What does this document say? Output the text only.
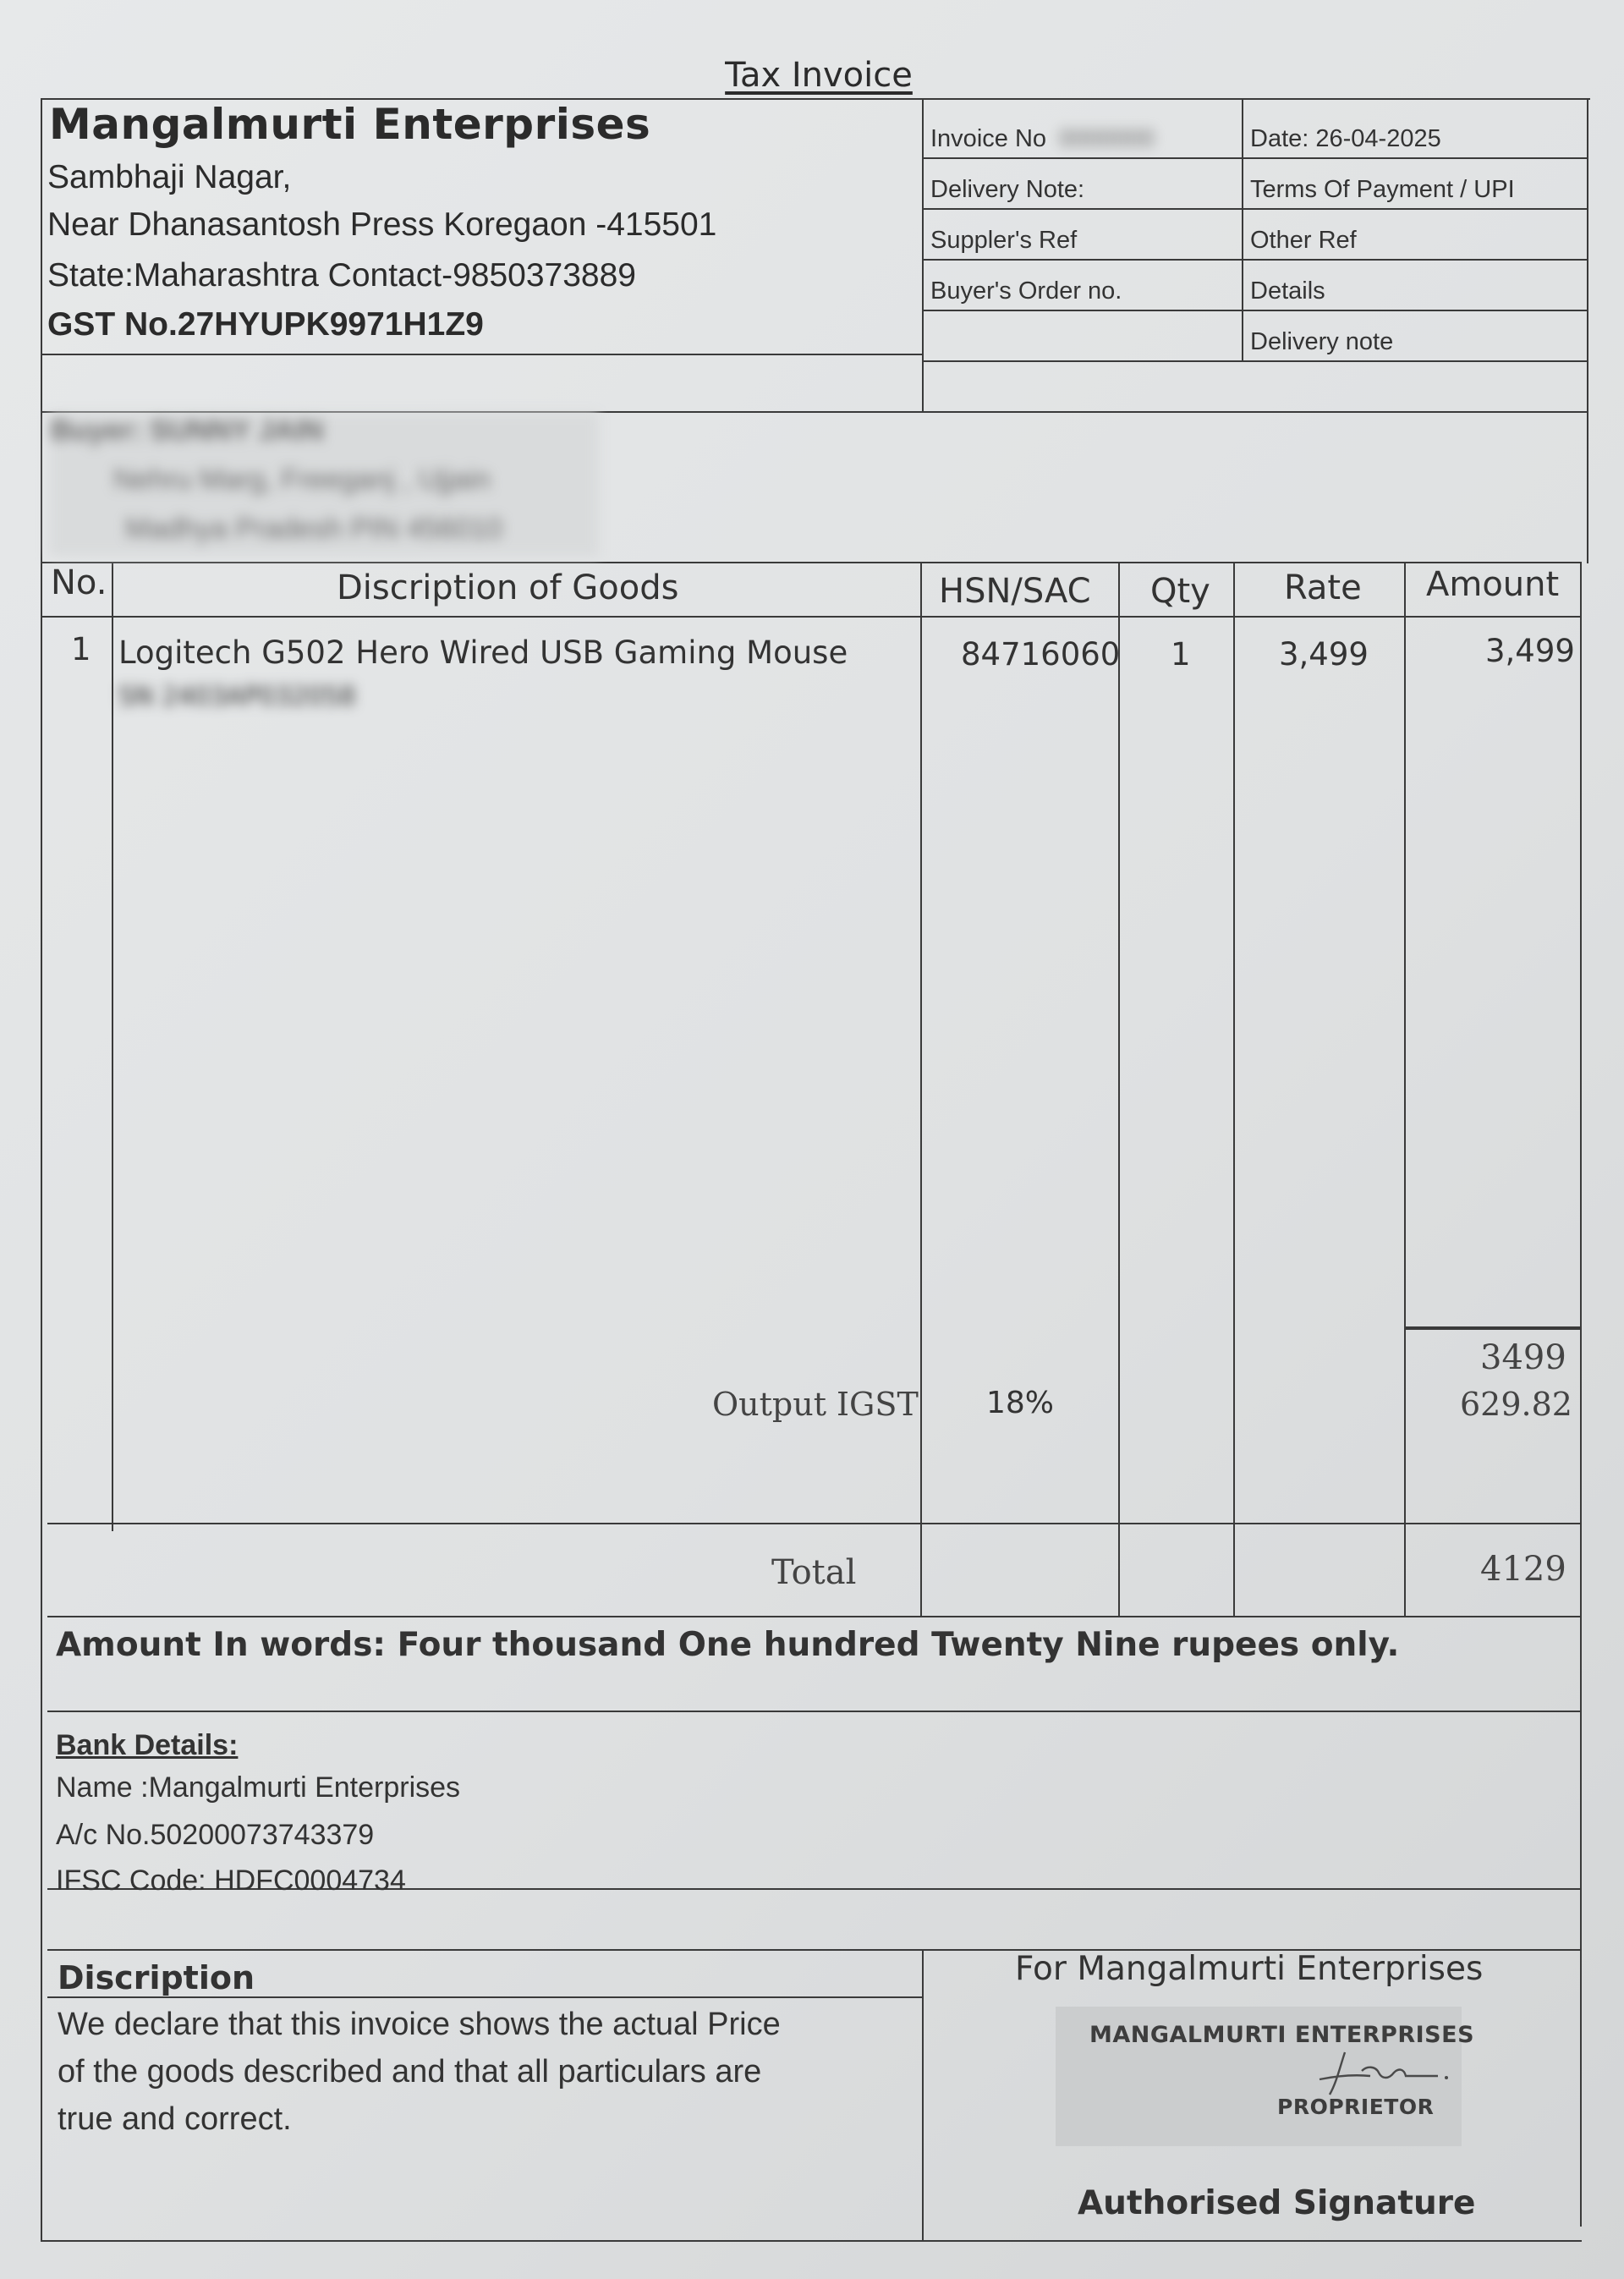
Tax Invoice
Mangalmurti Enterprises
Sambhaji Nagar,
Near Dhanasantosh Press Koregaon -415501
State:Maharashtra Contact-9850373889
GST No.27HYUPK9971H1Z9
Invoice No 0000000	Date: 26-04-2025
Delivery Note:	Terms Of Payment / UPI
Suppler's Ref	Other Ref
Buyer's Order no.	Details
Delivery note
Buyer: SUNNY JAIN
Nehru Marg, Freeganj , Ujjain
Madhya Pradesh PIN 456010
No.	Discription of Goods	HSN/SAC Qty Rate Amount
1 Logitech G502 Hero Wired USB Gaming Mouse
SN 2403AP032058
84716060 1	3,499	3,499
3499
Output IGST 18%	629.82
Total	4129
Amount In words: Four thousand One hundred Twenty Nine rupees only.
Bank Details:
Name :Mangalmurti Enterprises
A/c No.50200073743379
IFSC Code: HDFC0004734
Discription
We declare that this invoice shows the actual Price
of the goods described and that all particulars are
true and correct.
For Mangalmurti Enterprises
MANGALMURTI ENTERPRISES
PROPRIETOR
Authorised Signature
